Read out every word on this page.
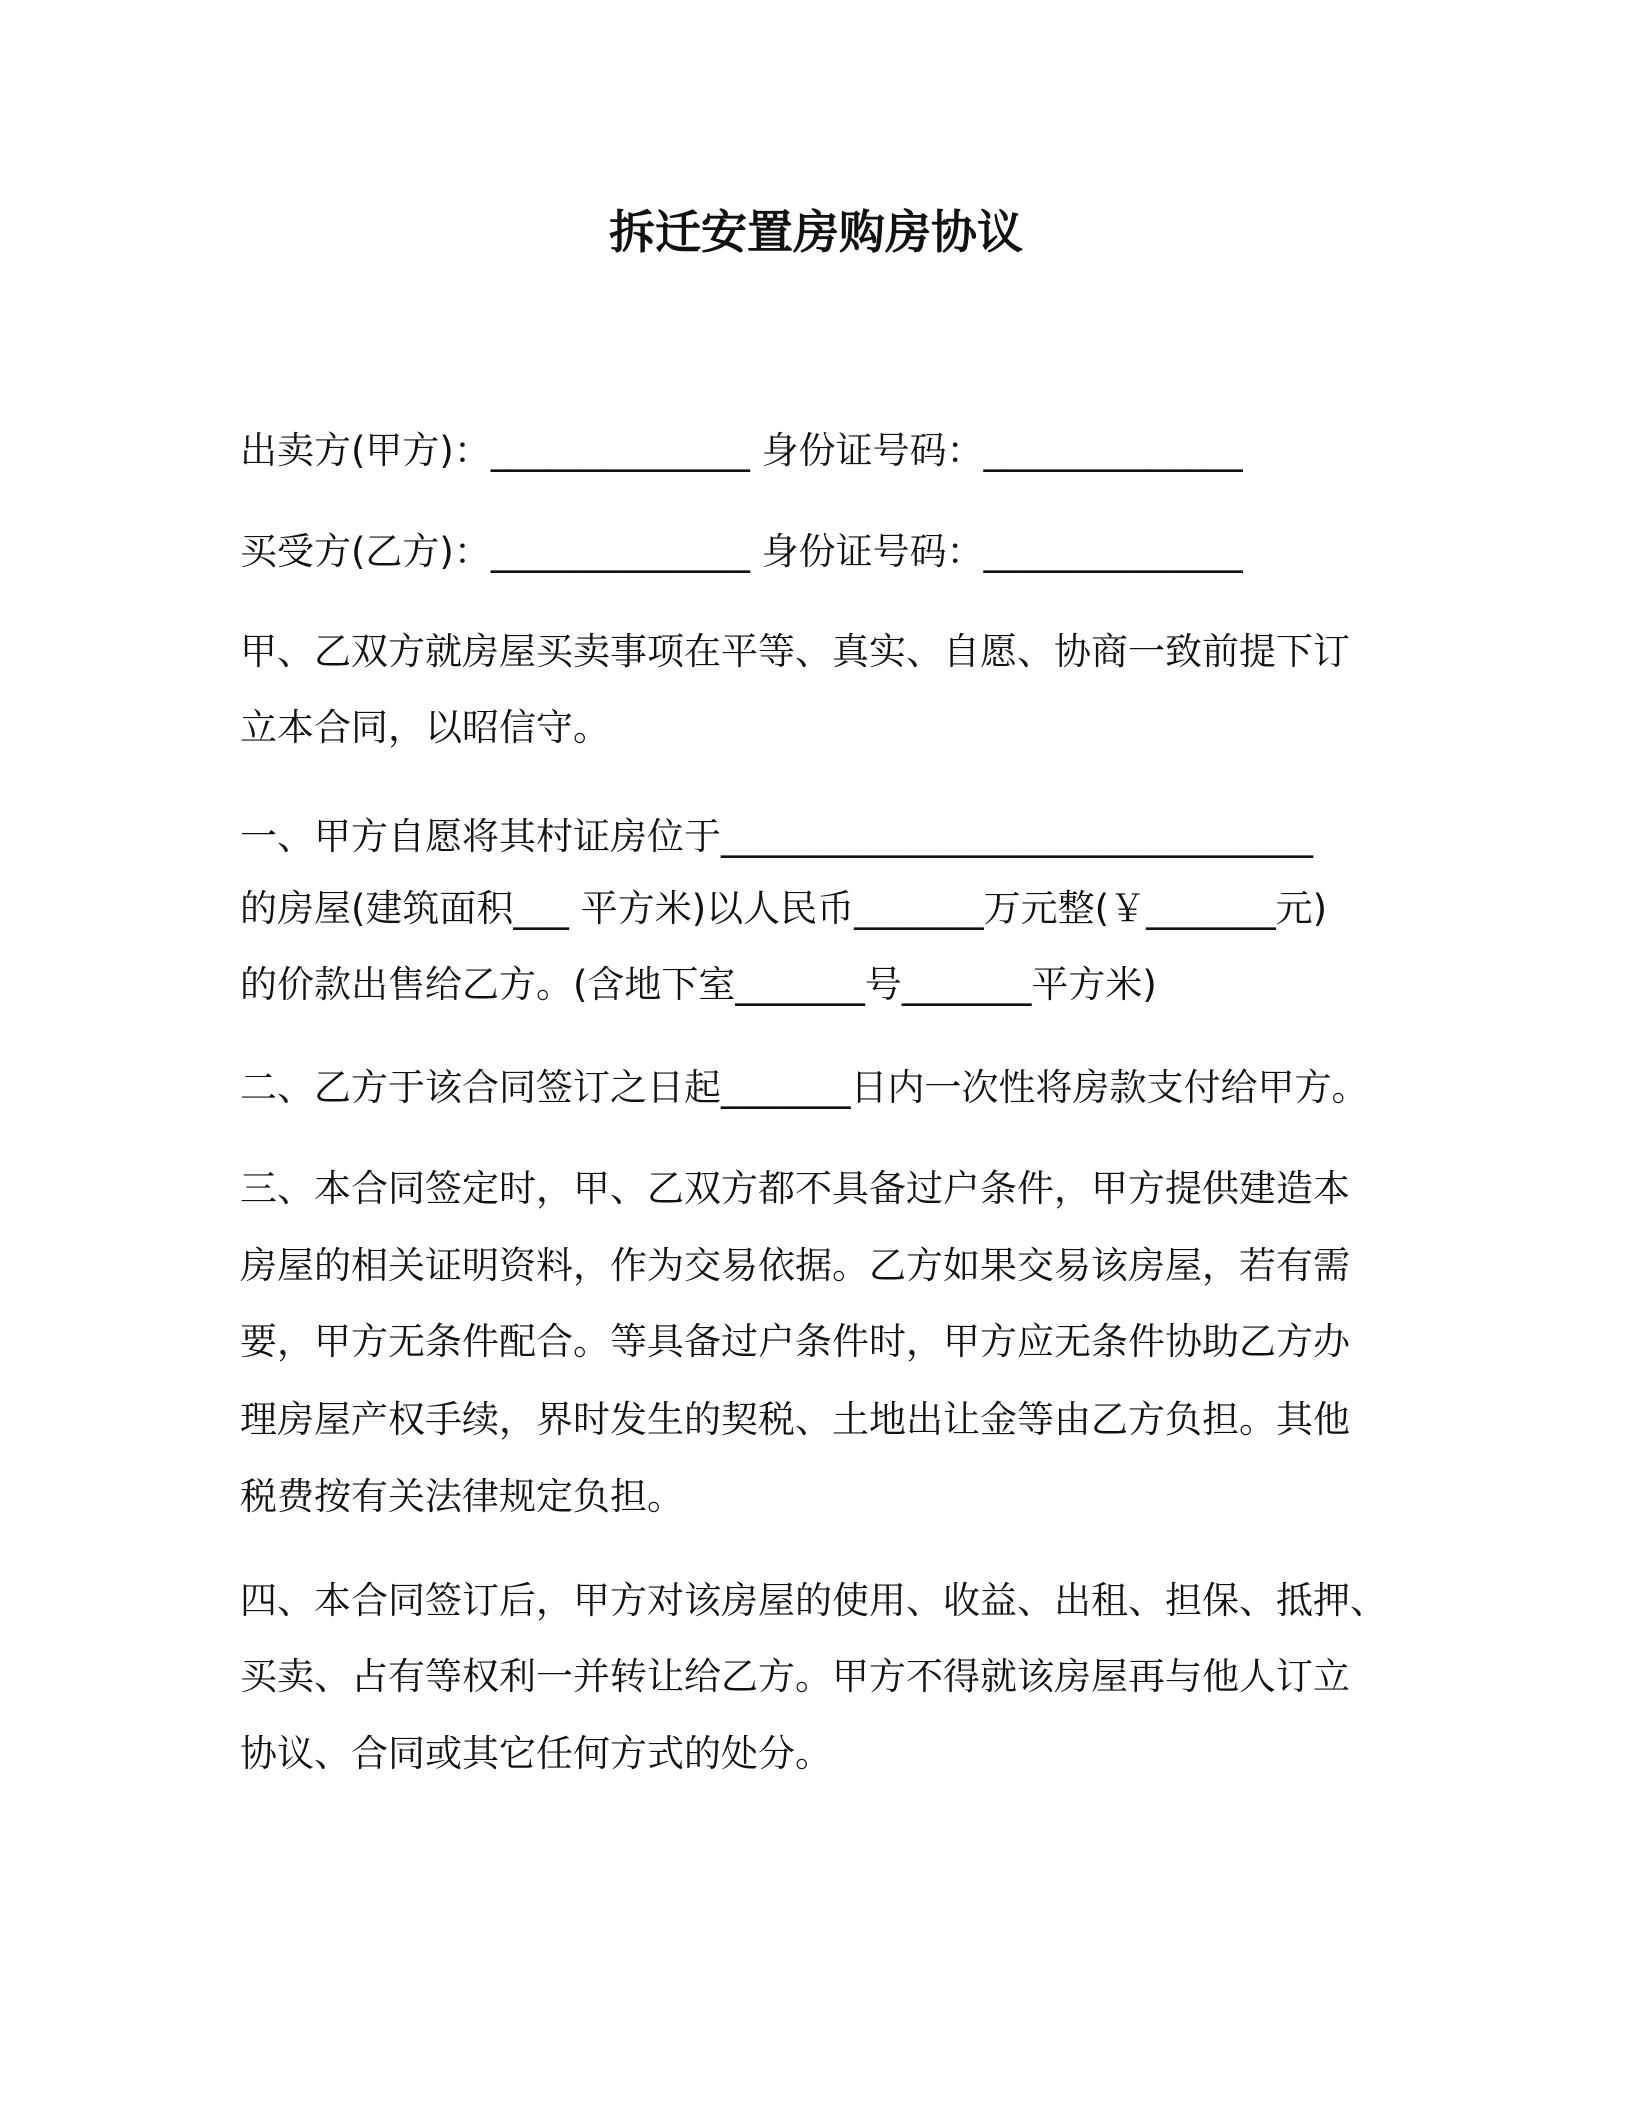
拆迁安置房购房协议
出卖方(甲方)：______________ 身份证号码：______________
买受方(乙方)：______________ 身份证号码：______________
甲、乙双方就房屋买卖事项在平等、真实、自愿、协商一致前提下订
立本合同，以昭信守。
一、甲方自愿将其村证房位于________________________________
的房屋(建筑面积___ 平方米)以人民币_______万元整(￥_______元)
的价款出售给乙方。(含地下室_______号_______平方米)
二、乙方于该合同签订之日起_______日内一次性将房款支付给甲方。
三、本合同签定时，甲、乙双方都不具备过户条件，甲方提供建造本
房屋的相关证明资料，作为交易依据。乙方如果交易该房屋，若有需
要，甲方无条件配合。等具备过户条件时，甲方应无条件协助乙方办
理房屋产权手续，界时发生的契税、土地出让金等由乙方负担。其他
税费按有关法律规定负担。
四、本合同签订后，甲方对该房屋的使用、收益、出租、担保、抵押、
买卖、占有等权利一并转让给乙方。甲方不得就该房屋再与他人订立
协议、合同或其它任何方式的处分。
